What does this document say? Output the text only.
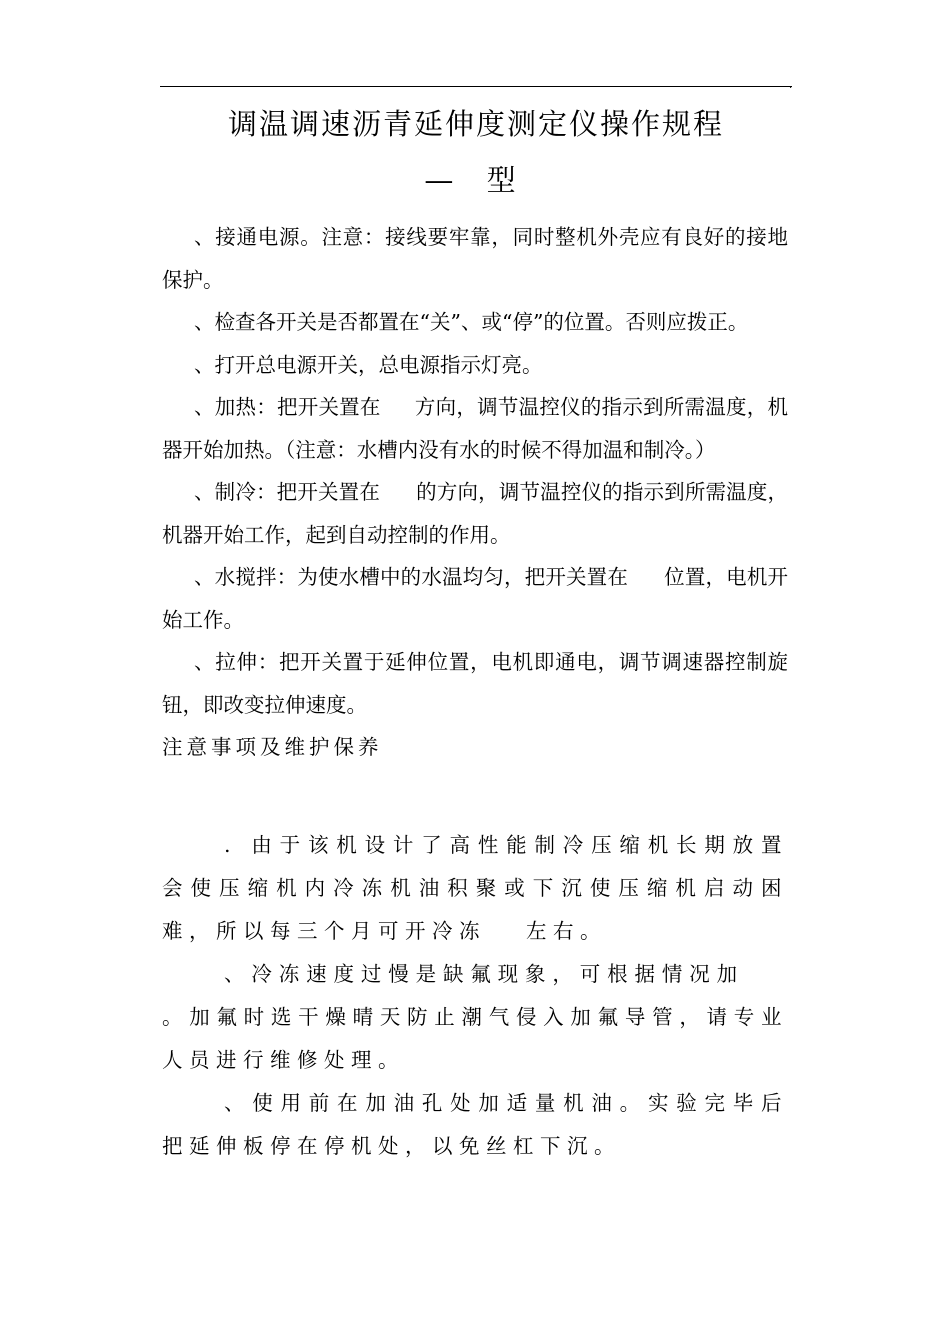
.
调温调速沥青延伸度测定仪操作规程
— 型

、接通电源。注意：接线要牢靠，同时整机外壳应有良好的接地保护。

、检查各开关是否都置在“关”、或“停”的位置。否则应拨正。

、打开总电源开关，总电源指示灯亮。

、加热：把开关置在 方向，调节温控仪的指示到所需温度，机器开始加热。（注意：水槽内没有水的时候不得加温和制冷。）

、制冷：把开关置在 的方向，调节温控仪的指示到所需温度，机器开始工作，起到自动控制的作用。

、水搅拌：为使水槽中的水温均匀，把开关置在 位置，电机开始工作。

、拉伸：把开关置于延伸位置，电机即通电，调节调速器控制旋钮，即改变拉伸速度。

注意事项及维护保养

. 由于该机设计了高性能制冷压缩机长期放置会使压缩机内冷冻机油积聚或下沉使压缩机启动困难，所以每三个月可开冷冻 左右。

、冷冻速度过慢是缺氟现象，可根据情况加。加氟时选干燥晴天防止潮气侵入加氟导管，请专业人员进行维修处理。

、使用前在加油孔处加适量机油。实验完毕后把延伸板停在停机处，以免丝杠下沉。
